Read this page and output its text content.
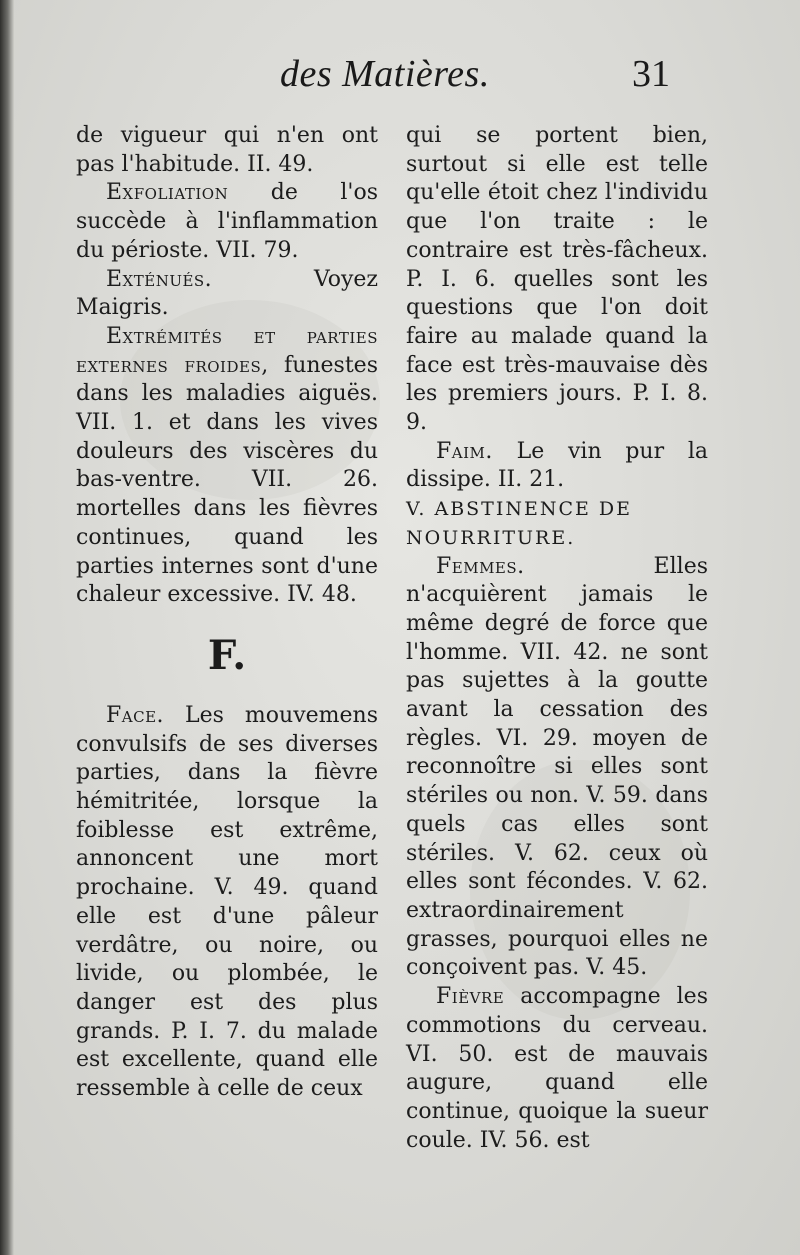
des Matières.	31

de vigueur qui n'en ont pas l'habitude. II. 49.

Exfoliation de l'os succède à l'inflammation du périoste. VII. 79.

Exténués. Voyez Maigris.

Extrémités et parties externes froides, funestes dans les maladies aiguës. VII. 1. et dans les vives douleurs des viscères du bas-ventre. VII. 26. mortelles dans les fièvres continues, quand les parties internes sont d'une chaleur excessive. IV. 48.

F.

Face. Les mouvemens convulsifs de ses diverses parties, dans la fièvre hémitritée, lorsque la foiblesse est extrême, annoncent une mort prochaine. V. 49. quand elle est d'une pâleur verdâtre, ou noire, ou livide, ou plombée, le danger est des plus grands. P. I. 7. du malade est excellente, quand elle ressemble à celle de ceux

qui se portent bien, surtout si elle est telle qu'elle étoit chez l'individu que l'on traite : le contraire est très-fâcheux. P. I. 6. quelles sont les questions que l'on doit faire au malade quand la face est très-mauvaise dès les premiers jours. P. I. 8. 9.

Faim. Le vin pur la dissipe. II. 21.

V. ABSTINENCE DE NOURRITURE.

Femmes. Elles n'acquièrent jamais le même degré de force que l'homme. VII. 42. ne sont pas sujettes à la goutte avant la cessation des règles. VI. 29. moyen de reconnoître si elles sont stériles ou non. V. 59. dans quels cas elles sont stériles. V. 62. ceux où elles sont fécondes. V. 62. extraordinairement grasses, pourquoi elles ne conçoivent pas. V. 45.

Fièvre accompagne les commotions du cerveau. VI. 50. est de mauvais augure, quand elle continue, quoique la sueur coule. IV. 56. est
